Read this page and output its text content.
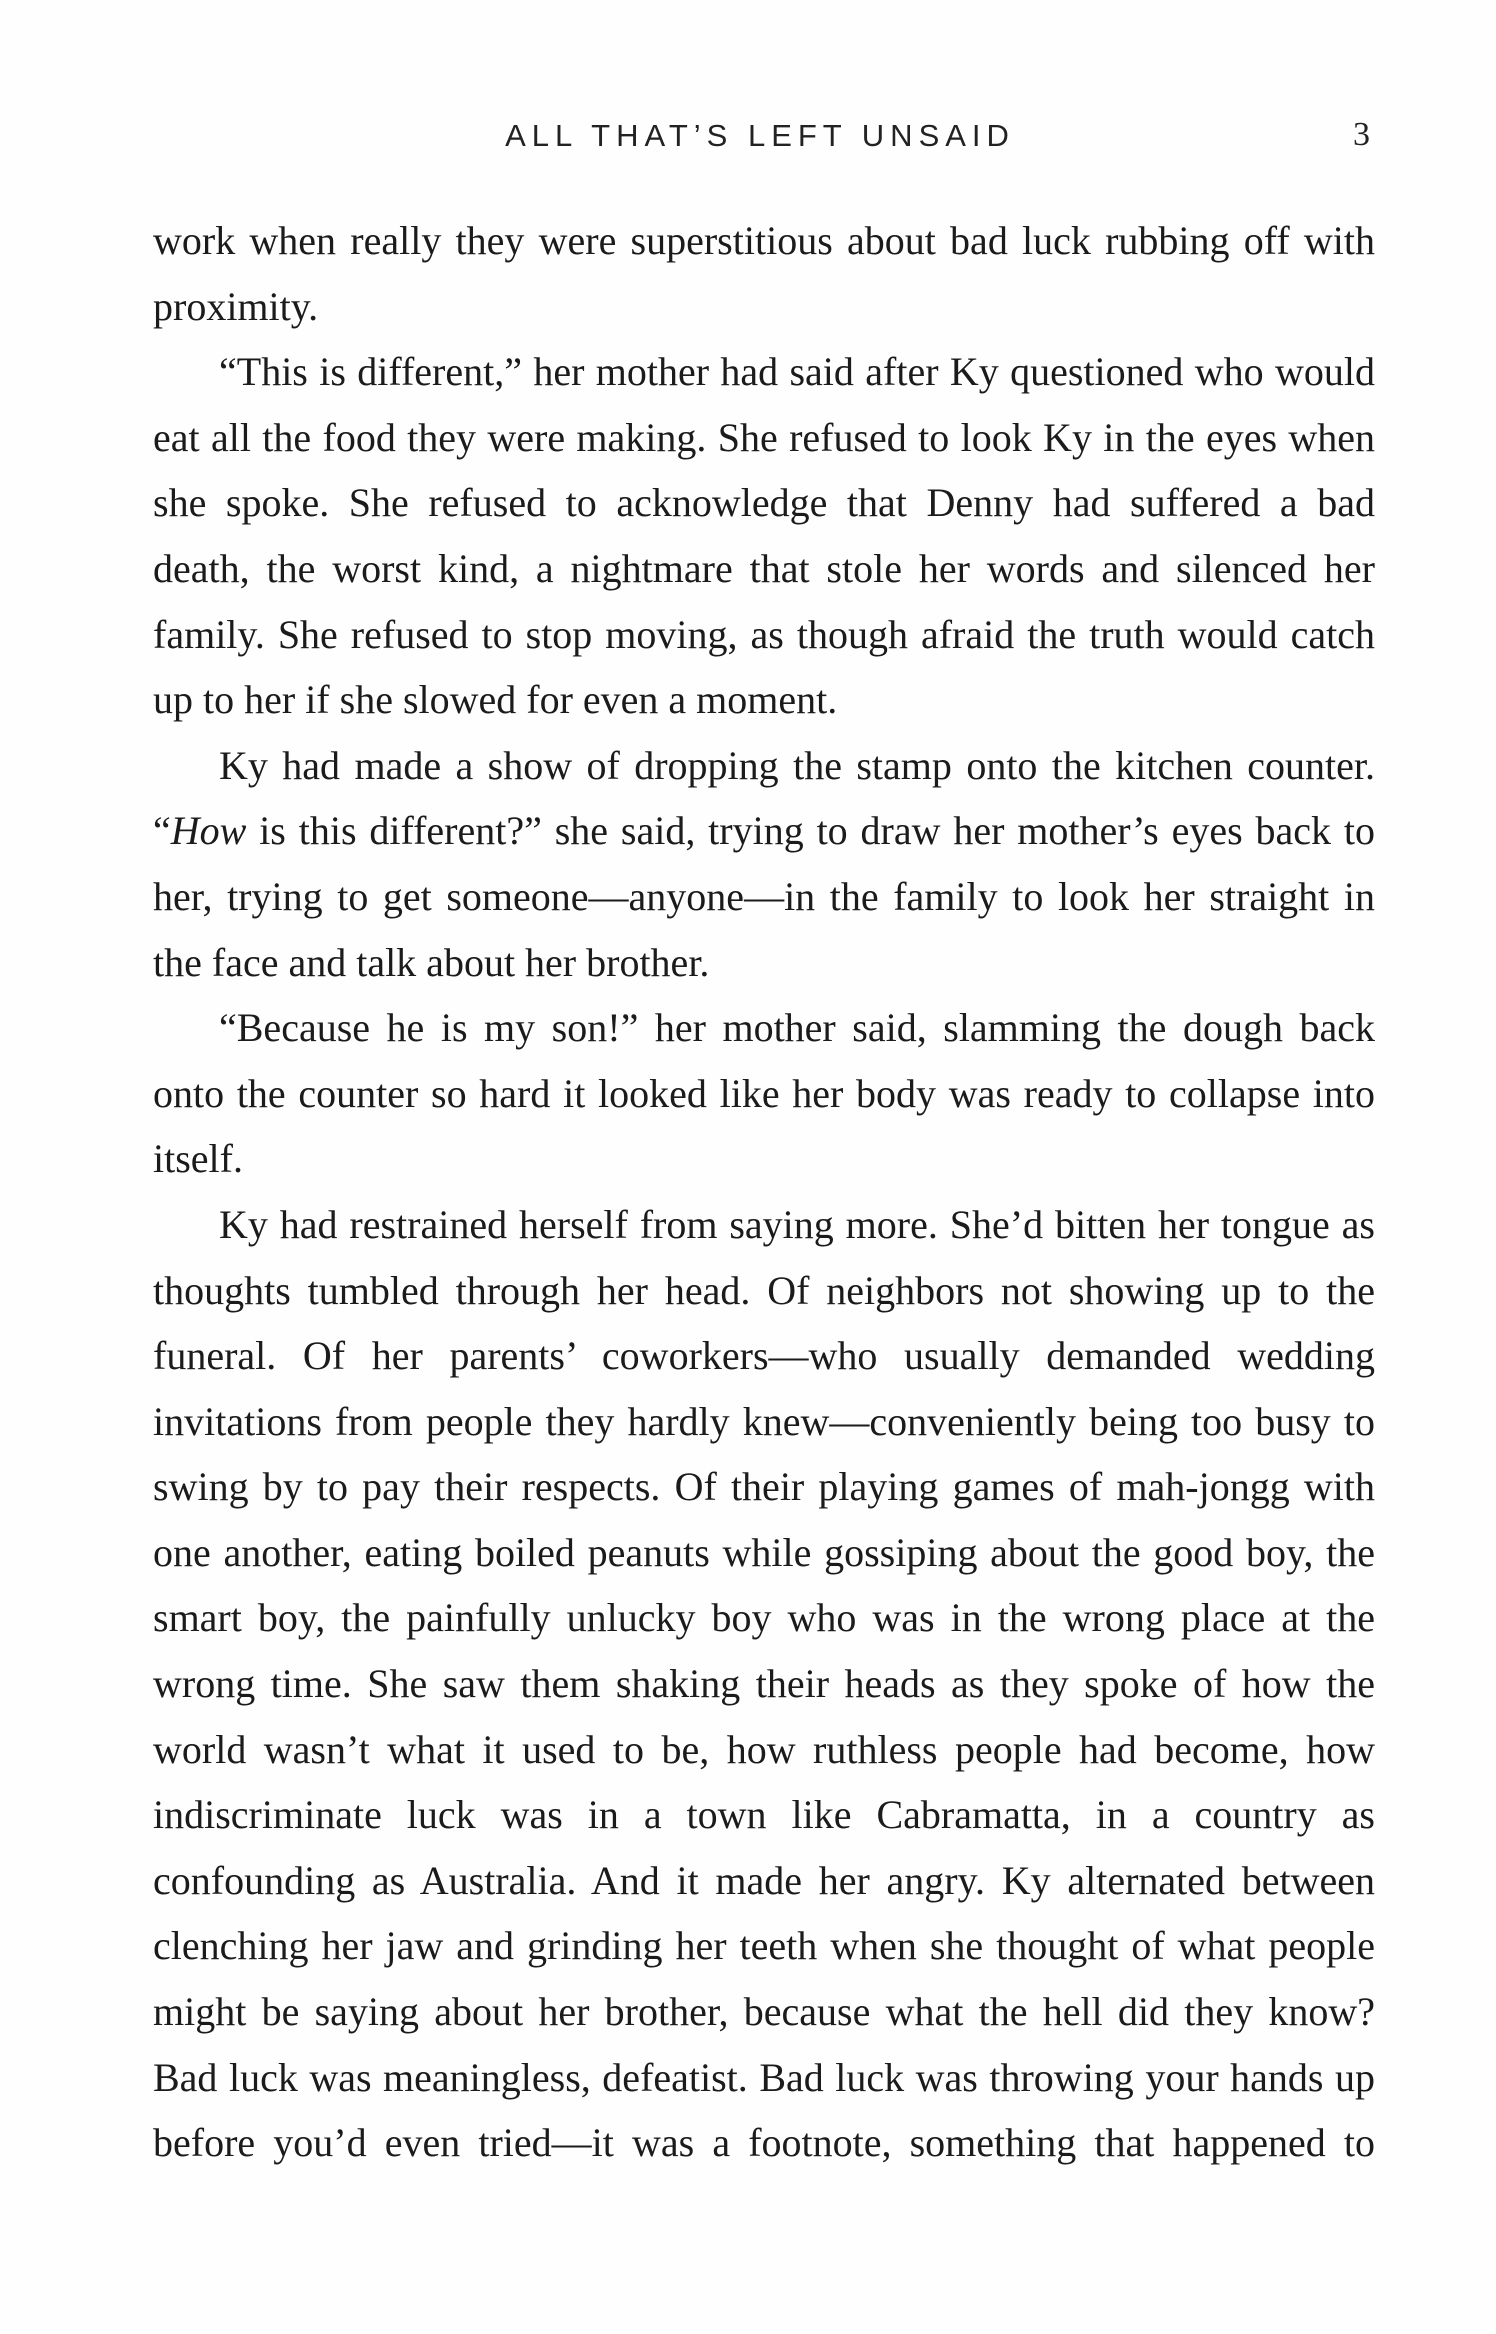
ALL THAT’S LEFT UNSAID	3

work when really they were superstitious about bad luck rubbing off with proximity.

“This is different,” her mother had said after Ky questioned who would eat all the food they were making. She refused to look Ky in the eyes when she spoke. She refused to acknowledge that Denny had suffered a bad death, the worst kind, a nightmare that stole her words and silenced her family. She refused to stop moving, as though afraid the truth would catch up to her if she slowed for even a moment.

Ky had made a show of dropping the stamp onto the kitchen counter. “How is this different?” she said, trying to draw her mother’s eyes back to her, trying to get someone—anyone—in the family to look her straight in the face and talk about her brother.

“Because he is my son!” her mother said, slamming the dough back onto the counter so hard it looked like her body was ready to collapse into itself.

Ky had restrained herself from saying more. She’d bitten her tongue as thoughts tumbled through her head. Of neighbors not showing up to the funeral. Of her parents’ coworkers—who usually demanded wedding invitations from people they hardly knew—conveniently being too busy to swing by to pay their respects. Of their playing games of mah-jongg with one another, eating boiled peanuts while gossiping about the good boy, the smart boy, the painfully unlucky boy who was in the wrong place at the wrong time. She saw them shaking their heads as they spoke of how the world wasn’t what it used to be, how ruthless people had become, how indiscriminate luck was in a town like Cabramatta, in a country as confounding as Australia. And it made her angry. Ky alternated between clenching her jaw and grinding her teeth when she thought of what people might be saying about her brother, because what the hell did they know? Bad luck was meaningless, defeatist. Bad luck was throwing your hands up before you’d even tried—it was a footnote, something that happened to
